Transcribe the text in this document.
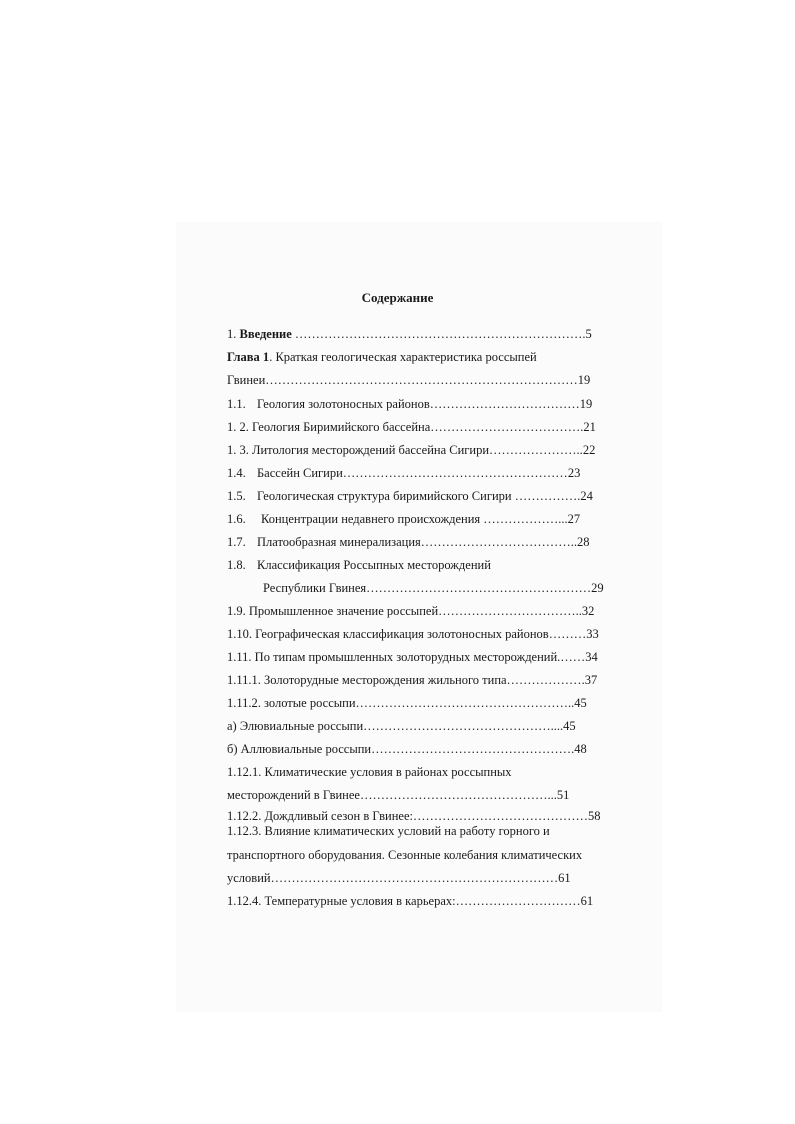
Содержание
1. Введение …………………………………………………………….5
Глава 1. Краткая геологическая характеристика россыпей
Гвинеи…………………………………………………………………19
1.1. Геология золотоносных районов………………………………19
1. 2. Геология Биримийского бассейна……………………………….21
1. 3. Литология месторождений бассейна Сигири…………………..22
1.4. Бассейн Сигири………………………………………………23
1.5. Геологическая структура биримийского Сигири …………….24
1.6. Концентрации недавнего происхождения ………………...27
1.7. Платообразная минерализация………………………………..28
1.8. Классификация Россыпных месторождений
Республики Гвинея………………………………………………29
1.9. Промышленное значение россыпей……………………………..32
1.10. Географическая классификация золотоносных районов………33
1.11. По типам промышленных золоторудных месторождений.……34
1.11.1. Золоторудные месторождения жильного типа……………….37
1.11.2. золотые россыпи……………………………………………..45
а) Элювиальные россыпи………………………………………....45
б) Аллювиальные россыпи………………………………………….48
1.12.1. Климатические условия в районах россыпных
месторождений в Гвинее………………………………………...51
1.12.2. Дождливый сезон в Гвинее:……………………………………58
1.12.3. Влияние климатических условий на работу горного и
транспортного оборудования. Сезонные колебания климатических
условий……………………………………………………………61
1.12.4. Температурные условия в карьерах:…………………………61
